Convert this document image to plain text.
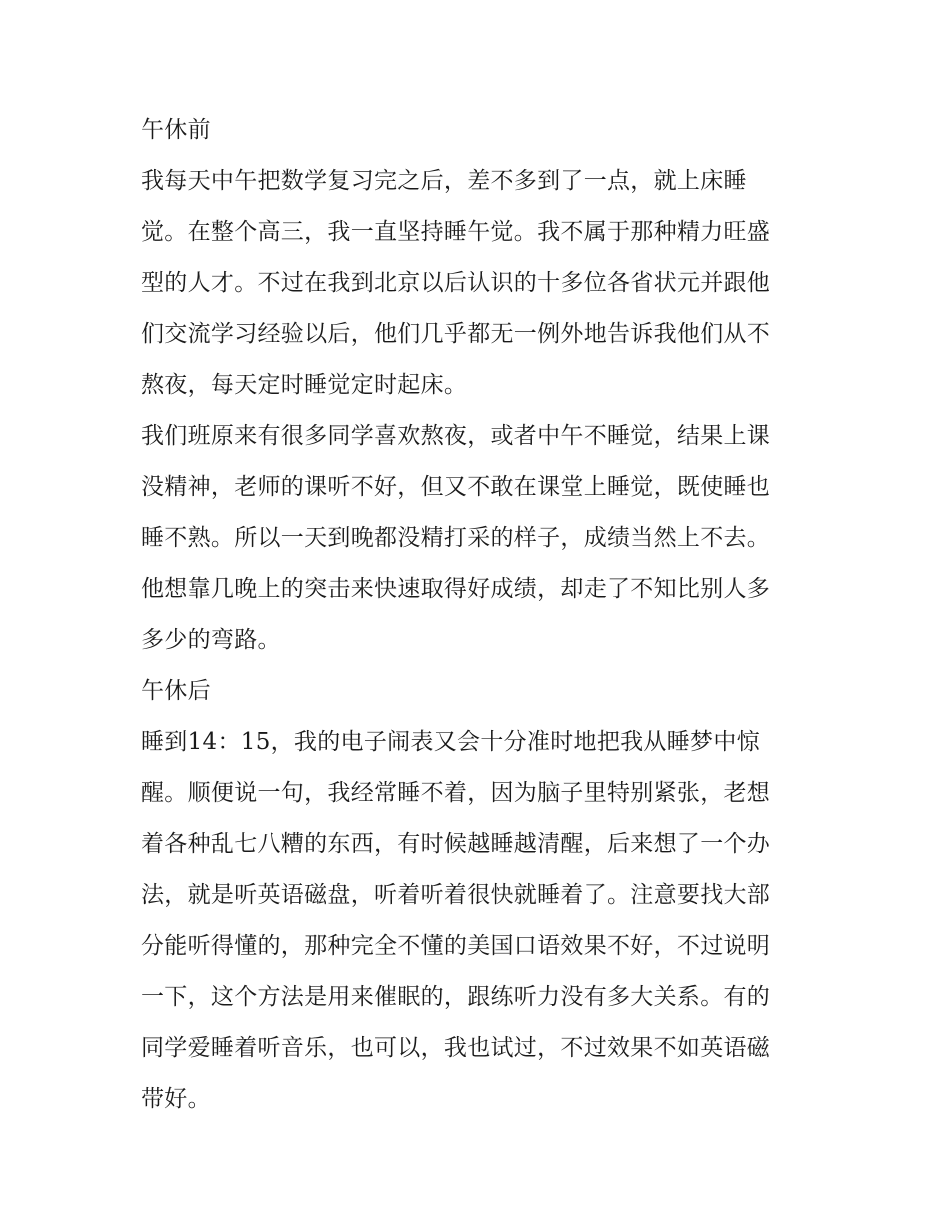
午休前
我每天中午把数学复习完之后，差不多到了一点，就上床睡
觉。在整个高三，我一直坚持睡午觉。我不属于那种精力旺盛
型的人才。不过在我到北京以后认识的十多位各省状元并跟他
们交流学习经验以后，他们几乎都无一例外地告诉我他们从不
熬夜，每天定时睡觉定时起床。
我们班原来有很多同学喜欢熬夜，或者中午不睡觉，结果上课
没精神，老师的课听不好，但又不敢在课堂上睡觉，既使睡也
睡不熟。所以一天到晚都没精打采的样子，成绩当然上不去。
他想靠几晚上的突击来快速取得好成绩，却走了不知比别人多
多少的弯路。
午休后
睡到14：15，我的电子闹表又会十分准时地把我从睡梦中惊
醒。顺便说一句，我经常睡不着，因为脑子里特别紧张，老想
着各种乱七八糟的东西，有时候越睡越清醒，后来想了一个办
法，就是听英语磁盘，听着听着很快就睡着了。注意要找大部
分能听得懂的，那种完全不懂的美国口语效果不好，不过说明
一下，这个方法是用来催眠的，跟练听力没有多大关系。有的
同学爱睡着听音乐，也可以，我也试过，不过效果不如英语磁
带好。
